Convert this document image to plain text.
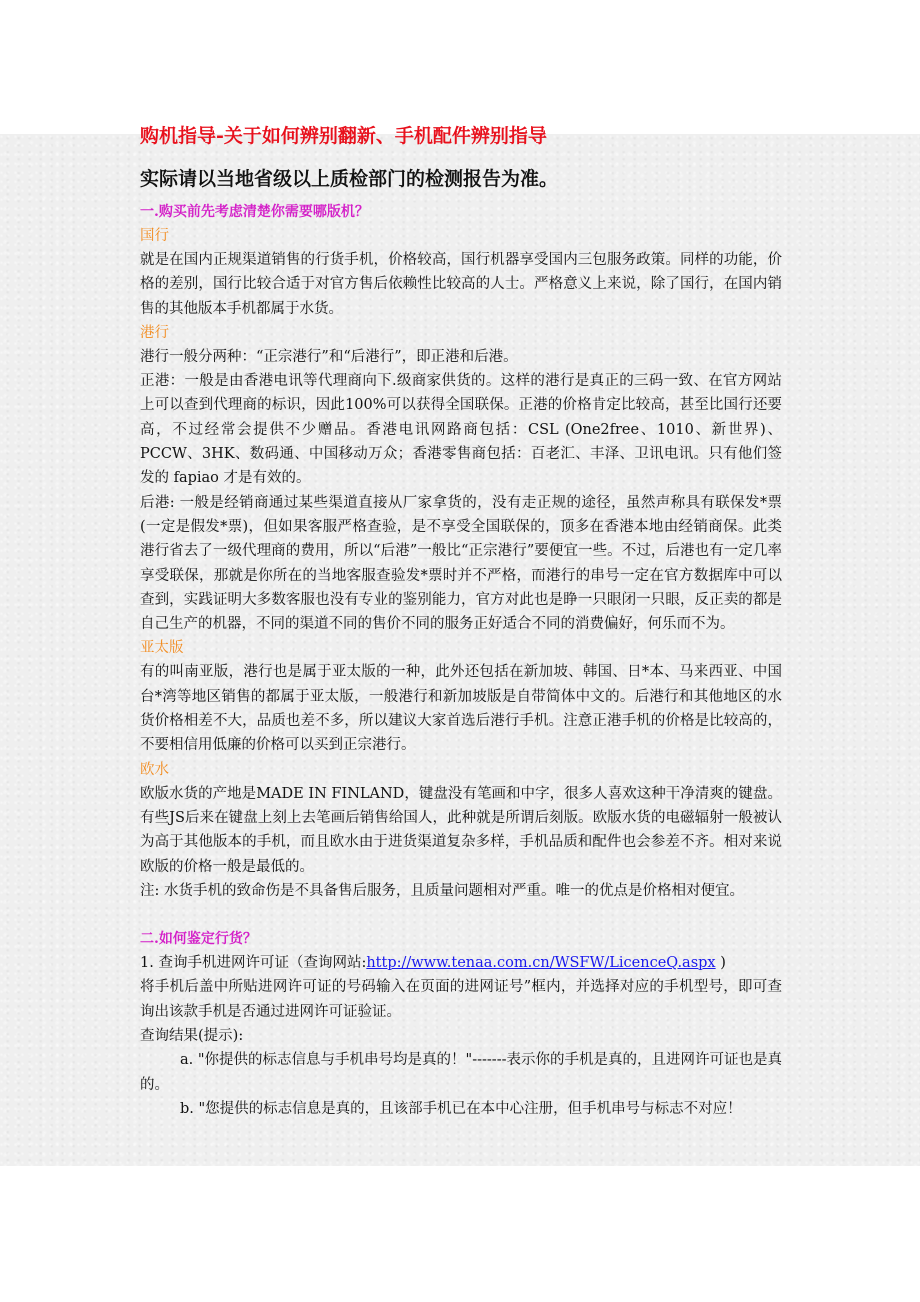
购机指导-关于如何辨别翻新、手机配件辨别指导
实际请以当地省级以上质检部门的检测报告为准。
一.购买前先考虑清楚你需要哪版机？
国行

就是在国内正规渠道销售的行货手机，价格较高，国行机器享受国内三包服务政策。同样的功能，价格的差别，国行比较合适于对官方售后依赖性比较高的人士。严格意义上来说，除了国行，在国内销售的其他版本手机都属于水货。

港行

港行一般分两种：“正宗港行”和“后港行”，即正港和后港。

正港：一般是由香港电讯等代理商向下.级商家供货的。这样的港行是真正的三码一致、在官方网站上可以查到代理商的标识，因此100%可以获得全国联保。正港的价格肯定比较高，甚至比国行还要高，不过经常会提供不少赠品。香港电讯网路商包括：CSL (One2free、1010、新世界)、PCCW、3HK、数码通、中国移动万众；香港零售商包括：百老汇、丰泽、卫讯电讯。只有他们签发的 fapiao 才是有效的。

后港: 一般是经销商通过某些渠道直接从厂家拿货的，没有走正规的途径，虽然声称具有联保发*票(一定是假发*票)，但如果客服严格查验，是不享受全国联保的，顶多在香港本地由经销商保。此类港行省去了一级代理商的费用，所以“后港”一般比“正宗港行”要便宜一些。不过，后港也有一定几率享受联保，那就是你所在的当地客服查验发*票时并不严格，而港行的串号一定在官方数据库中可以查到，实践证明大多数客服也没有专业的鉴别能力，官方对此也是睁一只眼闭一只眼，反正卖的都是自己生产的机器，不同的渠道不同的售价不同的服务正好适合不同的消费偏好，何乐而不为。

亚太版

有的叫南亚版，港行也是属于亚太版的一种，此外还包括在新加坡、韩国、日*本、马来西亚、中国台*湾等地区销售的都属于亚太版，一般港行和新加坡版是自带简体中文的。后港行和其他地区的水货价格相差不大，品质也差不多，所以建议大家首选后港行手机。注意正港手机的价格是比较高的，不要相信用低廉的价格可以买到正宗港行。

欧水

欧版水货的产地是MADE IN FINLAND，键盘没有笔画和中字，很多人喜欢这种干净清爽的键盘。有些JS后来在键盘上刻上去笔画后销售给国人，此种就是所谓后刻版。欧版水货的电磁辐射一般被认为高于其他版本的手机，而且欧水由于进货渠道复杂多样，手机品质和配件也会参差不齐。相对来说欧版的价格一般是最低的。

注: 水货手机的致命伤是不具备售后服务，且质量问题相对严重。唯一的优点是价格相对便宜。

二.如何鉴定行货？

1. 查询手机进网许可证（查询网站:http://www.tenaa.com.cn/WSFW/LicenceQ.aspx )

将手机后盖中所贴进网许可证的号码输入在页面的进网证号”框内，并选择对应的手机型号，即可查询出该款手机是否通过进网许可证验证。

查询结果(提示):

a. "你提供的标志信息与手机串号均是真的！"-------表示你的手机是真的，且进网许可证也是真的。

b. "您提供的标志信息是真的，且该部手机已在本中心注册，但手机串号与标志不对应！
